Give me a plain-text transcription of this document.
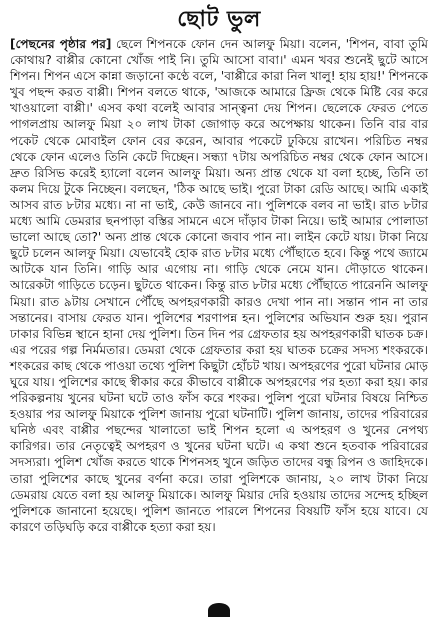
ছোট ভুল

[পেছনের পৃষ্ঠার পর] ছেলে শিপনকে ফোন দেন আলফু মিয়া। বলেন, 'শিপন, বাবা তুমি কোথায়? বাপ্পীর কোনো খোঁজ পাই নি। তুমি আসো বাবা।' এমন খবর শুনেই ছুটে আসে শিপন। শিপন এসে কান্না জড়ানো কণ্ঠে বলে, 'বাপ্পীরে কারা নিল খালু! হায় হায়!' শিপনকে খুব পছন্দ করত বাপ্পী। শিপন বলতে থাকে, 'আজকে আমারে ফ্রিজ থেকে মিষ্টি বের করে খাওয়ালো বাপ্পী।' এসব কথা বলেই আবার সান্ত্বনা দেয় শিপন। ছেলেকে ফেরত পেতে পাগলপ্রায় আলফু মিয়া ২০ লাখ টাকা জোগাড় করে অপেক্ষায় থাকেন। তিনি বার বার পকেট থেকে মোবাইল ফোন বের করেন, আবার পকেটে ঢুকিয়ে রাখেন। পরিচিত নম্বর থেকে ফোন এলেও তিনি কেটে দিচ্ছেন। সন্ধ্যা ৭টায় অপরিচিত নম্বর থেকে ফোন আসে। দ্রুত রিসিভ করেই হ্যালো বলেন আলফু মিয়া। অন্য প্রান্ত থেকে যা বলা হচ্ছে, তিনি তা কলম দিয়ে টুকে নিচ্ছেন। বলছেন, 'ঠিক আছে ভাই। পুরো টাকা রেডি আছে। আমি একাই আসব রাত ৮টার মধ্যে। না না ভাই, কেউ জানবে না। পুলিশকে বলব না ভাই। রাত ৮টার মধ্যে আমি ডেমরার ছনপাড়া বস্তির সামনে এসে দাঁড়াব টাকা নিয়ে। ভাই আমার পোলাডা ভালো আছে তো?' অন্য প্রান্ত থেকে কোনো জবাব পান না। লাইন কেটে যায়। টাকা নিয়ে ছুটে চলেন আলফু মিয়া। যেভাবেই হোক রাত ৮টার মধ্যে পৌঁছাতে হবে। কিন্তু পথে জ্যামে আটকে যান তিনি। গাড়ি আর এগোয় না। গাড়ি থেকে নেমে যান। দৌড়াতে থাকেন। আরেকটা গাড়িতে চড়েন। ছুটতে থাকেন। কিন্তু রাত ৮টার মধ্যে পৌঁছাতে পারেননি আলফু মিয়া। রাত ৯টায় সেখানে পৌঁছে অপহরণকারী কারও দেখা পান না। সন্তান পান না তার সন্তানের। বাসায় ফেরত যান। পুলিশের শরণাপন্ন হন। পুলিশের অভিযান শুরু হয়। পুরান ঢাকার বিভিন্ন স্থানে হানা দেয় পুলিশ। তিন দিন পর গ্রেফতার হয় অপহরণকারী ঘাতক চক্র। এর পরের গল্প নির্মমতার। ডেমরা থেকে গ্রেফতার করা হয় ঘাতক চক্রের সদস্য শংকরকে। শংকরের কাছ থেকে পাওয়া তথ্যে পুলিশ কিছুটা হোঁচট খায়। অপহরণের পুরো ঘটনার মোড় ঘুরে যায়। পুলিশের কাছে স্বীকার করে কীভাবে বাপ্পীকে অপহরণের পর হত্যা করা হয়। কার পরিকল্পনায় খুনের ঘটনা ঘটে তাও ফাঁস করে শংকর। পুলিশ পুরো ঘটনার বিষয়ে নিশ্চিত হওয়ার পর আলফু মিয়াকে পুলিশ জানায় পুরো ঘটনাটি। পুলিশ জানায়, তাদের পরিবারের ঘনিষ্ঠ এবং বাপ্পীর পছন্দের খালাতো ভাই শিপন হলো এ অপহরণ ও খুনের নেপথ্য কারিগর। তার নেতৃত্বেই অপহরণ ও খুনের ঘটনা ঘটে। এ কথা শুনে হতবাক পরিবারের সদস্যরা। পুলিশ খোঁজ করতে থাকে শিপনসহ খুনে জড়িত তাদের বন্ধু রিপন ও জাহিদকে। তারা পুলিশের কাছে খুনের বর্ণনা করে। তারা পুলিশকে জানায়, ২০ লাখ টাকা নিয়ে ডেমরায় যেতে বলা হয় আলফু মিয়াকে। আলফু মিয়ার দেরি হওয়ায় তাদের সন্দেহ হচ্ছিল পুলিশকে জানানো হয়েছে। পুলিশ জানতে পারলে শিপনের বিষয়টি ফাঁস হয়ে যাবে। যে কারণে তড়িঘড়ি করে বাপ্পীকে হত্যা করা হয়।
